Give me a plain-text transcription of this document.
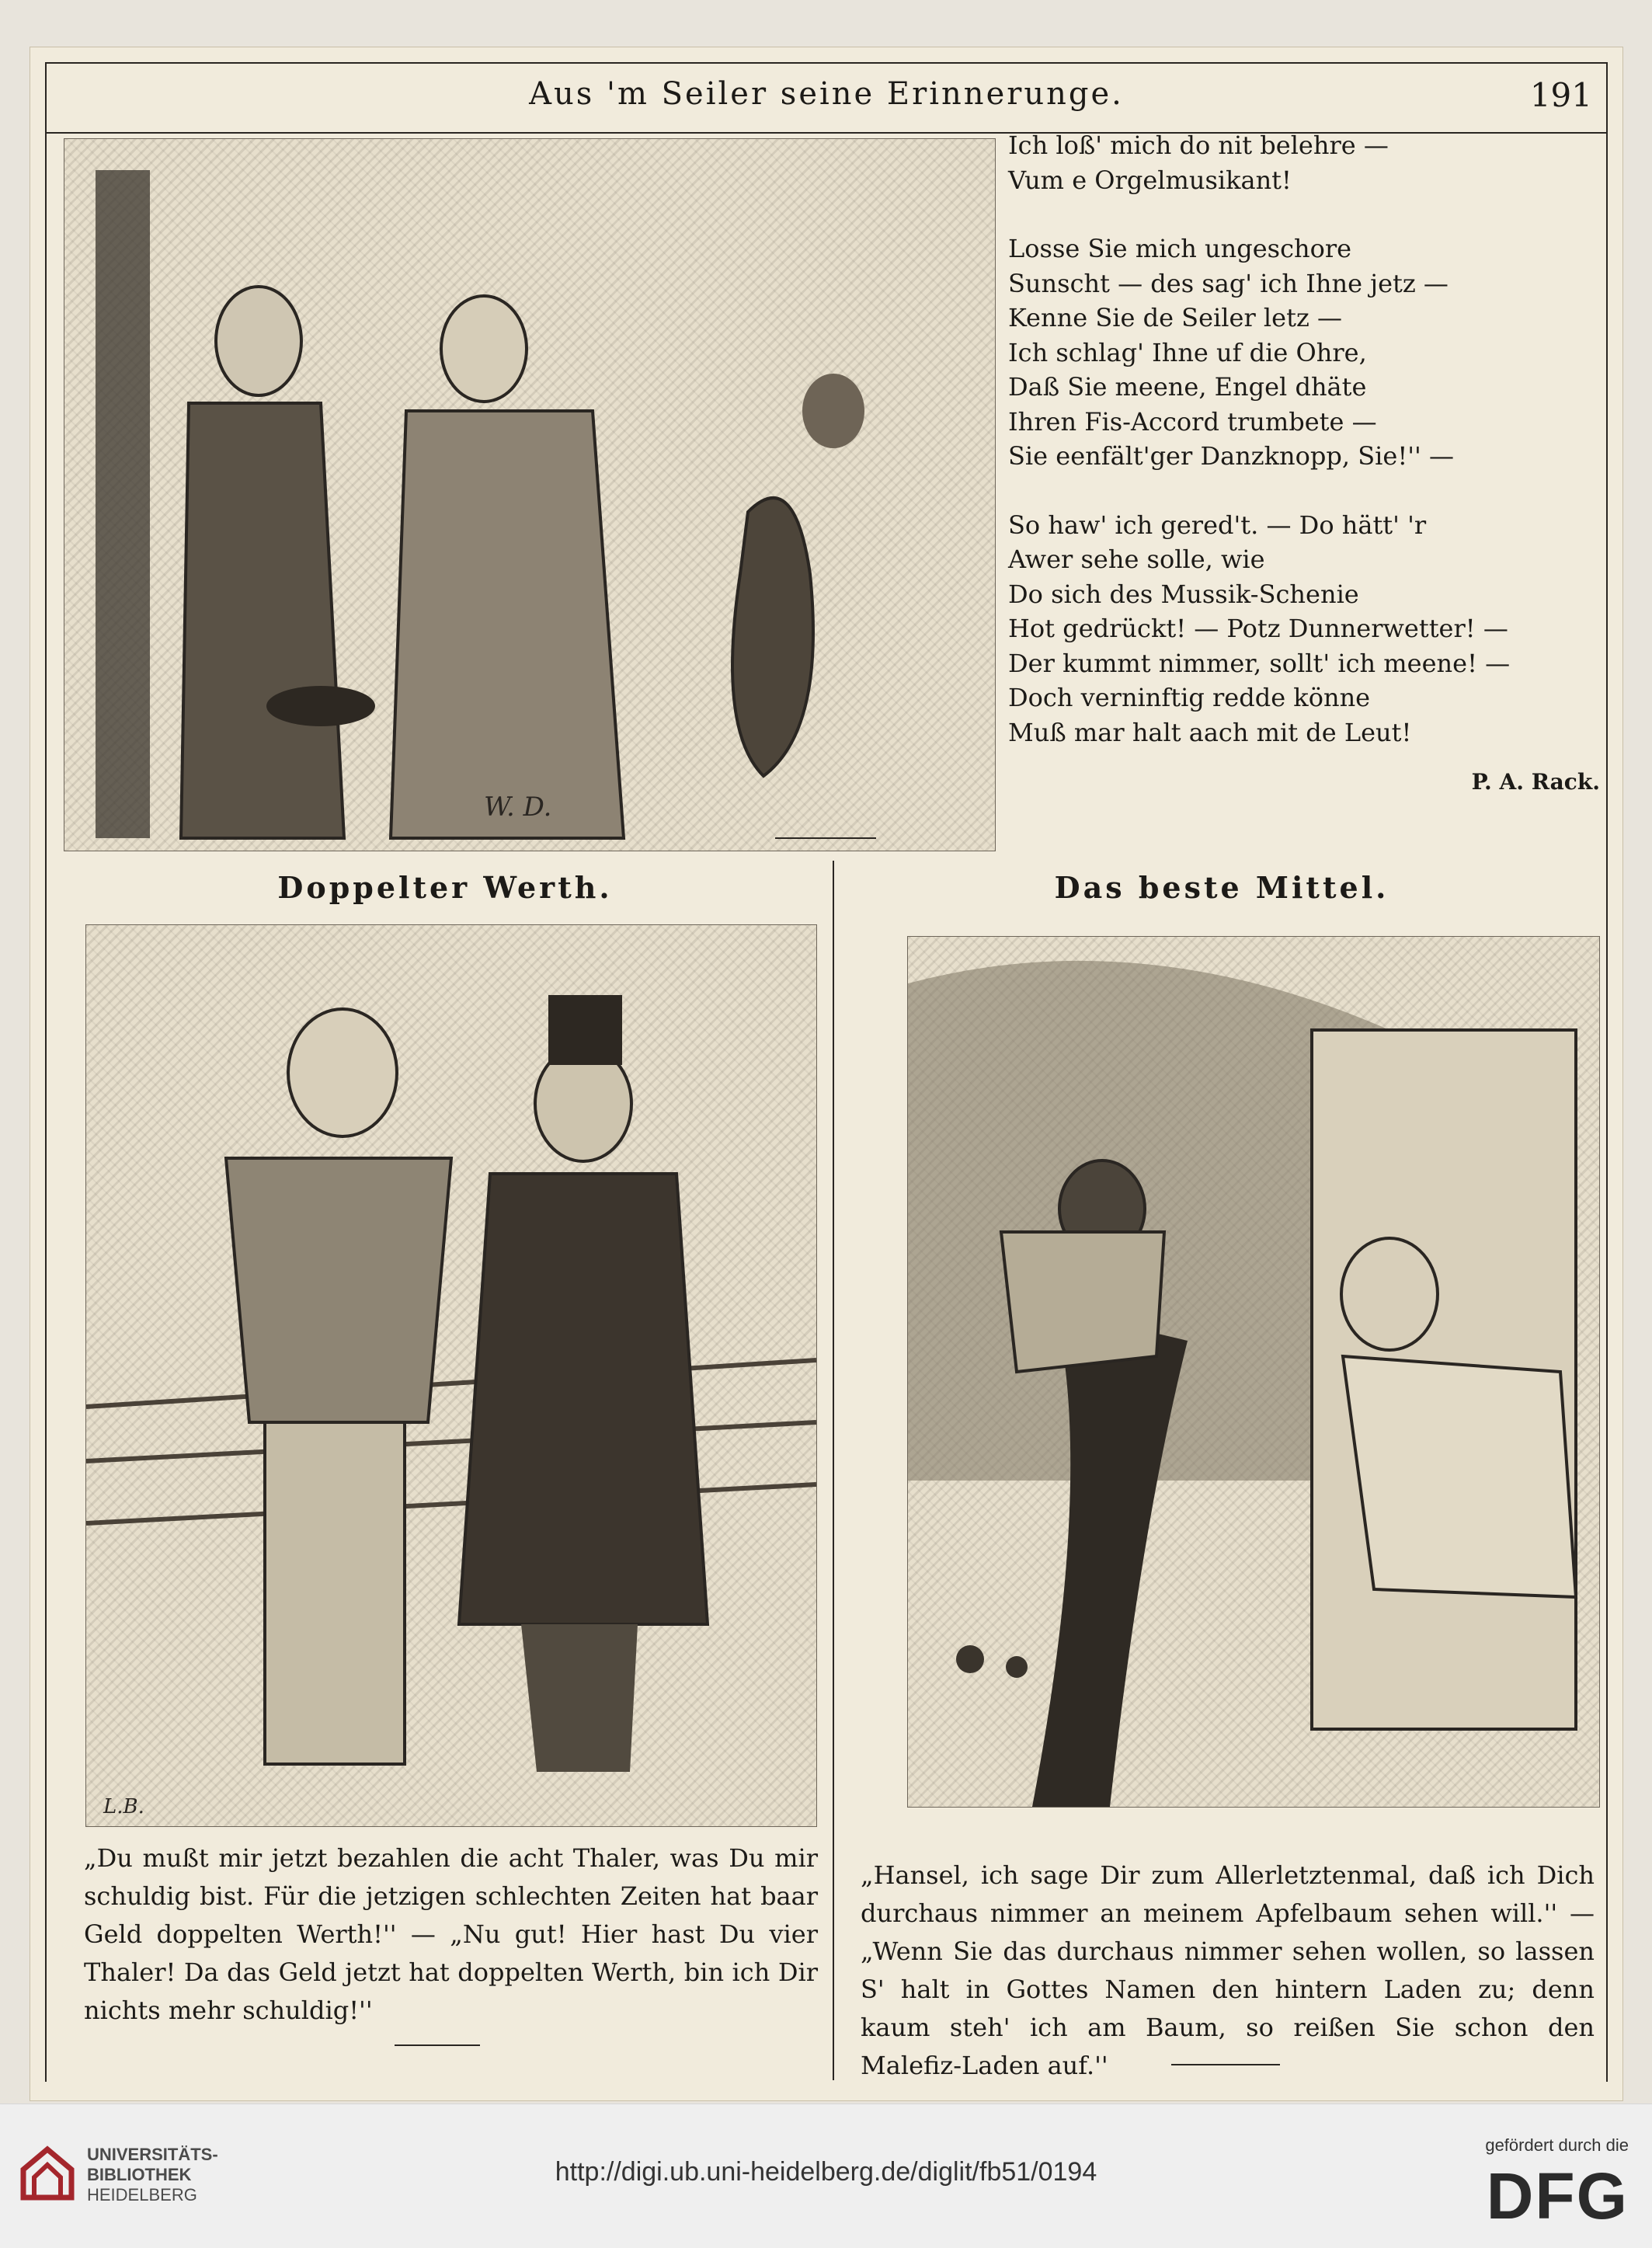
Aus 'm Seiler seine Erinnerunge.	191
W. D.
Ich loß' mich do nit belehre —
Vum e Orgelmusikant!
Losse Sie mich ungeschore
Sunscht — des sag' ich Ihne jetz —
Kenne Sie de Seiler letz —
Ich schlag' Ihne uf die Ohre,
Daß Sie meene, Engel dhäte
Ihren Fis-Accord trumbete —
Sie eenfält'ger Danzknopp, Sie!'' —
So haw' ich gered't. — Do hätt' 'r
Awer sehe solle, wie
Do sich des Mussik-Schenie
Hot gedrückt! — Potz Dunnerwetter! —
Der kummt nimmer, sollt' ich meene! —
Doch verninftig redde könne
Muß mar halt aach mit de Leut!
P. A. Rack.
Doppelter Werth.
L.B.
„Du mußt mir jetzt bezahlen die acht Thaler, was Du mir schuldig bist. Für die jetzigen schlechten Zeiten hat baar Geld doppelten Werth!'' — „Nu gut! Hier hast Du vier Thaler! Da das Geld jetzt hat doppelten Werth, bin ich Dir nichts mehr schuldig!''
Das beste Mittel.
„Hansel, ich sage Dir zum Allerletztenmal, daß ich Dich durchaus nimmer an meinem Apfelbaum sehen will.'' — „Wenn Sie das durchaus nimmer sehen wollen, so lassen S' halt in Gottes Namen den hintern Laden zu; denn kaum steh' ich am Baum, so reißen Sie schon den Malefiz-Laden auf.''
UNIVERSITÄTS-
BIBLIOTHEK
HEIDELBERG
http://digi.ub.uni-heidelberg.de/diglit/fb51/0194
gefördert durch die
DFG
